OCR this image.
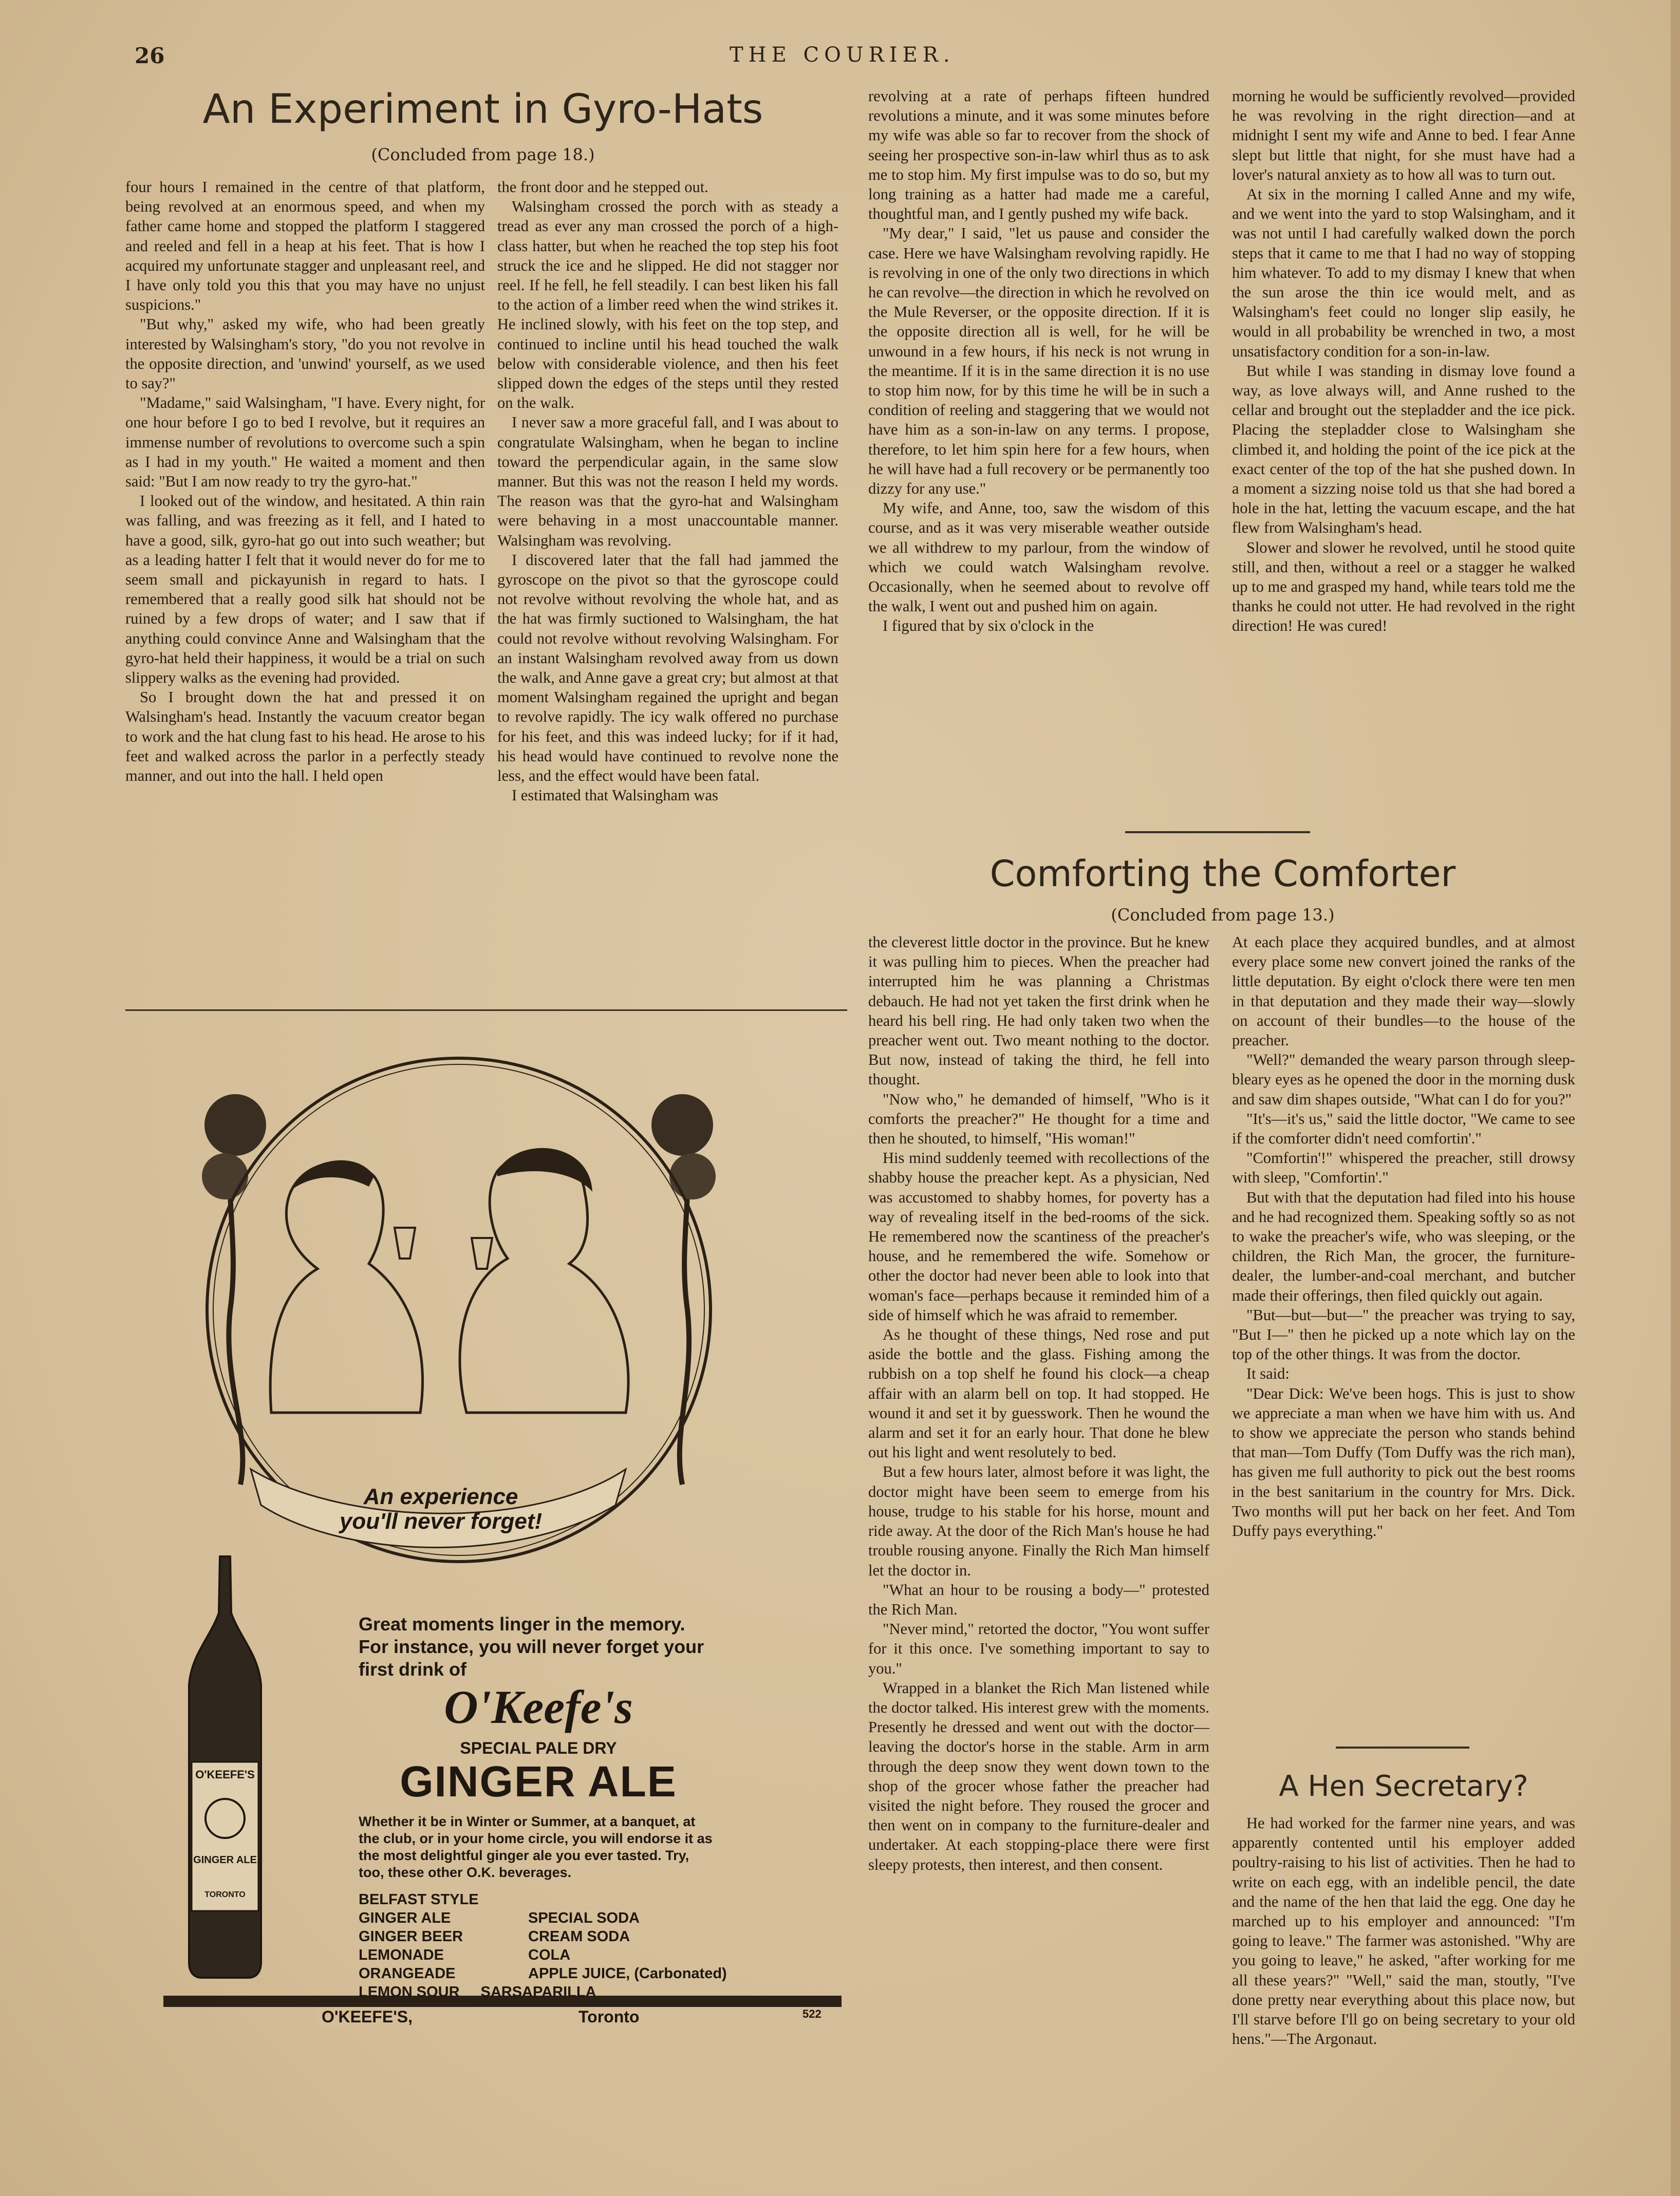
26	THE COURIER.
An Experiment in Gyro-Hats
(Concluded from page 18.)

four hours I remained in the centre of that platform, being revolved at an enormous speed, and when my father came home and stopped the platform I staggered and reeled and fell in a heap at his feet. That is how I acquired my unfortunate stagger and unpleasant reel, and I have only told you this that you may have no unjust suspicions."

"But why," asked my wife, who had been greatly interested by Walsingham's story, "do you not revolve in the opposite direction, and 'unwind' yourself, as we used to say?"

"Madame," said Walsingham, "I have. Every night, for one hour before I go to bed I revolve, but it requires an immense number of revolutions to overcome such a spin as I had in my youth." He waited a moment and then said: "But I am now ready to try the gyro-hat."

I looked out of the window, and hesitated. A thin rain was falling, and was freezing as it fell, and I hated to have a good, silk, gyro-hat go out into such weather; but as a leading hatter I felt that it would never do for me to seem small and pickayunish in regard to hats. I remembered that a really good silk hat should not be ruined by a few drops of water; and I saw that if anything could convince Anne and Walsingham that the gyro-hat held their happiness, it would be a trial on such slippery walks as the evening had provided.

So I brought down the hat and pressed it on Walsingham's head. Instantly the vacuum creator began to work and the hat clung fast to his head. He arose to his feet and walked across the parlor in a perfectly steady manner, and out into the hall. I held open

the front door and he stepped out.

Walsingham crossed the porch with as steady a tread as ever any man crossed the porch of a high-class hatter, but when he reached the top step his foot struck the ice and he slipped. He did not stagger nor reel. If he fell, he fell steadily. I can best liken his fall to the action of a limber reed when the wind strikes it. He inclined slowly, with his feet on the top step, and continued to incline until his head touched the walk below with considerable violence, and then his feet slipped down the edges of the steps until they rested on the walk.

I never saw a more graceful fall, and I was about to congratulate Walsingham, when he began to incline toward the perpendicular again, in the same slow manner. But this was not the reason I held my words. The reason was that the gyro-hat and Walsingham were behaving in a most unaccountable manner. Walsingham was revolving.

I discovered later that the fall had jammed the gyroscope on the pivot so that the gyroscope could not revolve without revolving the whole hat, and as the hat was firmly suctioned to Walsingham, the hat could not revolve without revolving Walsingham. For an instant Walsingham revolved away from us down the walk, and Anne gave a great cry; but almost at that moment Walsingham regained the upright and began to revolve rapidly. The icy walk offered no purchase for his feet, and this was indeed lucky; for if it had, his head would have continued to revolve none the less, and the effect would have been fatal.

I estimated that Walsingham was

revolving at a rate of perhaps fifteen hundred revolutions a minute, and it was some minutes before my wife was able so far to recover from the shock of seeing her prospective son-in-law whirl thus as to ask me to stop him. My first impulse was to do so, but my long training as a hatter had made me a careful, thoughtful man, and I gently pushed my wife back.

"My dear," I said, "let us pause and consider the case. Here we have Walsingham revolving rapidly. He is revolving in one of the only two directions in which he can revolve—the direction in which he revolved on the Mule Reverser, or the opposite direction. If it is the opposite direction all is well, for he will be unwound in a few hours, if his neck is not wrung in the meantime. If it is in the same direction it is no use to stop him now, for by this time he will be in such a condition of reeling and staggering that we would not have him as a son-in-law on any terms. I propose, therefore, to let him spin here for a few hours, when he will have had a full recovery or be permanently too dizzy for any use."

My wife, and Anne, too, saw the wisdom of this course, and as it was very miserable weather outside we all withdrew to my parlour, from the window of which we could watch Walsingham revolve. Occasionally, when he seemed about to revolve off the walk, I went out and pushed him on again.

I figured that by six o'clock in the

morning he would be sufficiently revolved—provided he was revolving in the right direction—and at midnight I sent my wife and Anne to bed. I fear Anne slept but little that night, for she must have had a lover's natural anxiety as to how all was to turn out.

At six in the morning I called Anne and my wife, and we went into the yard to stop Walsingham, and it was not until I had carefully walked down the porch steps that it came to me that I had no way of stopping him whatever. To add to my dismay I knew that when the sun arose the thin ice would melt, and as Walsingham's feet could no longer slip easily, he would in all probability be wrenched in two, a most unsatisfactory condition for a son-in-law.

But while I was standing in dismay love found a way, as love always will, and Anne rushed to the cellar and brought out the stepladder and the ice pick. Placing the stepladder close to Walsingham she climbed it, and holding the point of the ice pick at the exact center of the top of the hat she pushed down. In a moment a sizzing noise told us that she had bored a hole in the hat, letting the vacuum escape, and the hat flew from Walsingham's head.

Slower and slower he revolved, until he stood quite still, and then, without a reel or a stagger he walked up to me and grasped my hand, while tears told me the thanks he could not utter. He had revolved in the right direction! He was cured!

Comforting the Comforter
(Concluded from page 13.)

the cleverest little doctor in the province. But he knew it was pulling him to pieces. When the preacher had interrupted him he was planning a Christmas debauch. He had not yet taken the first drink when he heard his bell ring. He had only taken two when the preacher went out. Two meant nothing to the doctor. But now, instead of taking the third, he fell into thought.

"Now who," he demanded of himself, "Who is it comforts the preacher?" He thought for a time and then he shouted, to himself, "His woman!"

His mind suddenly teemed with recollections of the shabby house the preacher kept. As a physician, Ned was accustomed to shabby homes, for poverty has a way of revealing itself in the bed-rooms of the sick. He remembered now the scantiness of the preacher's house, and he remembered the wife. Somehow or other the doctor had never been able to look into that woman's face—perhaps because it reminded him of a side of himself which he was afraid to remember.

As he thought of these things, Ned rose and put aside the bottle and the glass. Fishing among the rubbish on a top shelf he found his clock—a cheap affair with an alarm bell on top. It had stopped. He wound it and set it by guesswork. Then he wound the alarm and set it for an early hour. That done he blew out his light and went resolutely to bed.

But a few hours later, almost before it was light, the doctor might have been seem to emerge from his house, trudge to his stable for his horse, mount and ride away. At the door of the Rich Man's house he had trouble rousing anyone. Finally the Rich Man himself let the doctor in.

"What an hour to be rousing a body—" protested the Rich Man.

"Never mind," retorted the doctor, "You wont suffer for it this once. I've something important to say to you."

Wrapped in a blanket the Rich Man listened while the doctor talked. His interest grew with the moments. Presently he dressed and went out with the doctor—leaving the doctor's horse in the stable. Arm in arm through the deep snow they went down town to the shop of the grocer whose father the preacher had visited the night before. They roused the grocer and then went on in company to the furniture-dealer and undertaker. At each stopping-place there were first sleepy protests, then interest, and then consent.

At each place they acquired bundles, and at almost every place some new convert joined the ranks of the little deputation. By eight o'clock there were ten men in that deputation and they made their way—slowly on account of their bundles—to the house of the preacher.

"Well?" demanded the weary parson through sleep-bleary eyes as he opened the door in the morning dusk and saw dim shapes outside, "What can I do for you?"

"It's—it's us," said the little doctor, "We came to see if the comforter didn't need comfortin'."

"Comfortin'!" whispered the preacher, still drowsy with sleep, "Comfortin'."

But with that the deputation had filed into his house and he had recognized them. Speaking softly so as not to wake the preacher's wife, who was sleeping, or the children, the Rich Man, the grocer, the furniture-dealer, the lumber-and-coal merchant, and butcher made their offerings, then filed quickly out again.

"But—but—but—" the preacher was trying to say, "But I—" then he picked up a note which lay on the top of the other things. It was from the doctor.

It said:

"Dear Dick: We've been hogs. This is just to show we appreciate a man when we have him with us. And to show we appreciate the person who stands behind that man—Tom Duffy (Tom Duffy was the rich man), has given me full authority to pick out the best rooms in the best sanitarium in the country for Mrs. Dick. Two months will put her back on her feet. And Tom Duffy pays everything."

A Hen Secretary?

He had worked for the farmer nine years, and was apparently contented until his employer added poultry-raising to his list of activities. Then he had to write on each egg, with an indelible pencil, the date and the name of the hen that laid the egg. One day he marched up to his employer and announced: "I'm going to leave." The farmer was astonished. "Why are you going to leave," he asked, "after working for me all these years?" "Well," said the man, stoutly, "I've done pretty near everything about this place now, but I'll starve before I'll go on being secretary to your old hens."—The Argonaut.

An experience you'll never forget!
O'KEEFE'S
GINGER ALE
TORONTO
Great moments linger in the memory. For instance, you will never forget your first drink of
O'Keefe's
SPECIAL PALE DRY
GINGER ALE
Whether it be in Winter or Summer, at a banquet, at the club, or in your home circle, you will endorse it as the most delightful ginger ale you ever tasted. Try, too, these other O.K. beverages.
BELFAST STYLE GINGER ALE
GINGER BEER
LEMONADE
ORANGEADE
LEMON SOUR

SPECIAL SODA
CREAM SODA
COLA
APPLE JUICE, (Carbonated)
SARSAPARILLA
O'KEEFE'S,	Toronto	522
